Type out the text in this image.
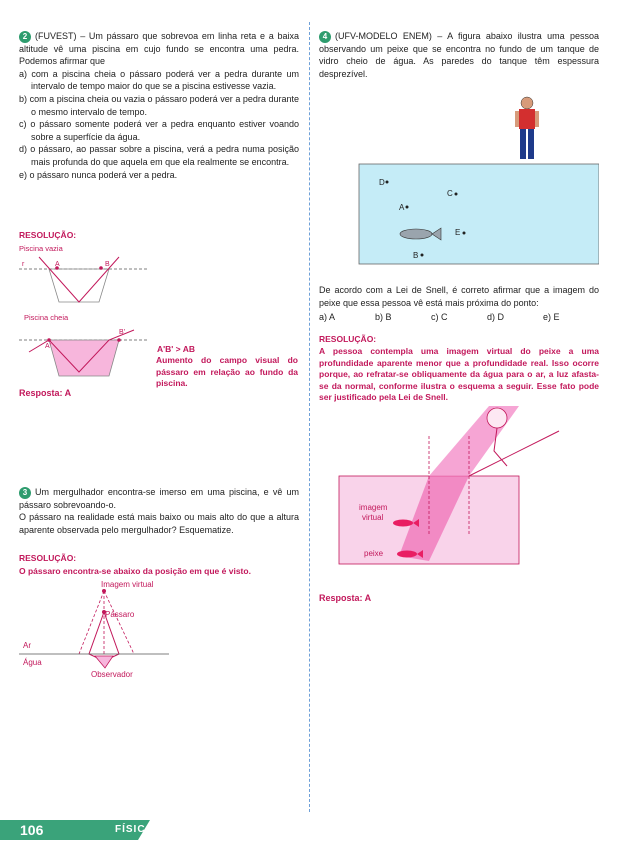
2 (FUVEST) – Um pássaro que sobrevoa em linha reta e a baixa altitude vê uma piscina em cujo fundo se encontra uma pedra. Podemos afirmar que
a) com a piscina cheia o pássaro poderá ver a pedra durante um intervalo de tempo maior do que se a piscina estivesse vazia.
b) com a piscina cheia ou vazia o pássaro poderá ver a pedra durante o mesmo intervalo de tempo.
c) o pássaro somente poderá ver a pedra enquanto estiver voando sobre a superfície da água.
d) o pássaro, ao passar sobre a piscina, verá a pedra numa posição mais profunda do que aquela em que ela realmente se encontra.
e) o pássaro nunca poderá ver a pedra.
RESOLUÇÃO:
Piscina vazia
r	A	B
Piscina cheia
A'
B'
A'B' > AB
Aumento do campo visual do pássaro em relação ao fundo da piscina.
Resposta: A
3 Um mergulhador encontra-se imerso em uma piscina, e vê um pássaro sobrevoando-o.
O pássaro na realidade está mais baixo ou mais alto do que a altura aparente observada pelo mergulhador? Esquematize.
RESOLUÇÃO:
O pássaro encontra-se abaixo da posição em que é visto.
Imagem virtual
Pássaro
Ar
Água
Observador
4 (UFV-MODELO ENEM) – A figura abaixo ilustra uma pessoa observando um peixe que se encontra no fundo de um tanque de vidro cheio de água. As paredes do tanque têm espessura desprezível.
D
C
A
E
B
De acordo com a Lei de Snell, é correto afirmar que a imagem do peixe que essa pessoa vê está mais próxima do ponto:
a) A	b) B	c) C	d) D	e) E
RESOLUÇÃO:
A pessoa contempla uma imagem virtual do peixe a uma profundidade aparente menor que a profundidade real. Isso ocorre porque, ao refratar-se obliquamente da água para o ar, a luz afasta-se da normal, conforme ilustra o esquema a seguir. Esse fato pode ser justificado pela Lei de Snell.
imagem
virtual
peixe
Resposta: A
106	FÍSICA
